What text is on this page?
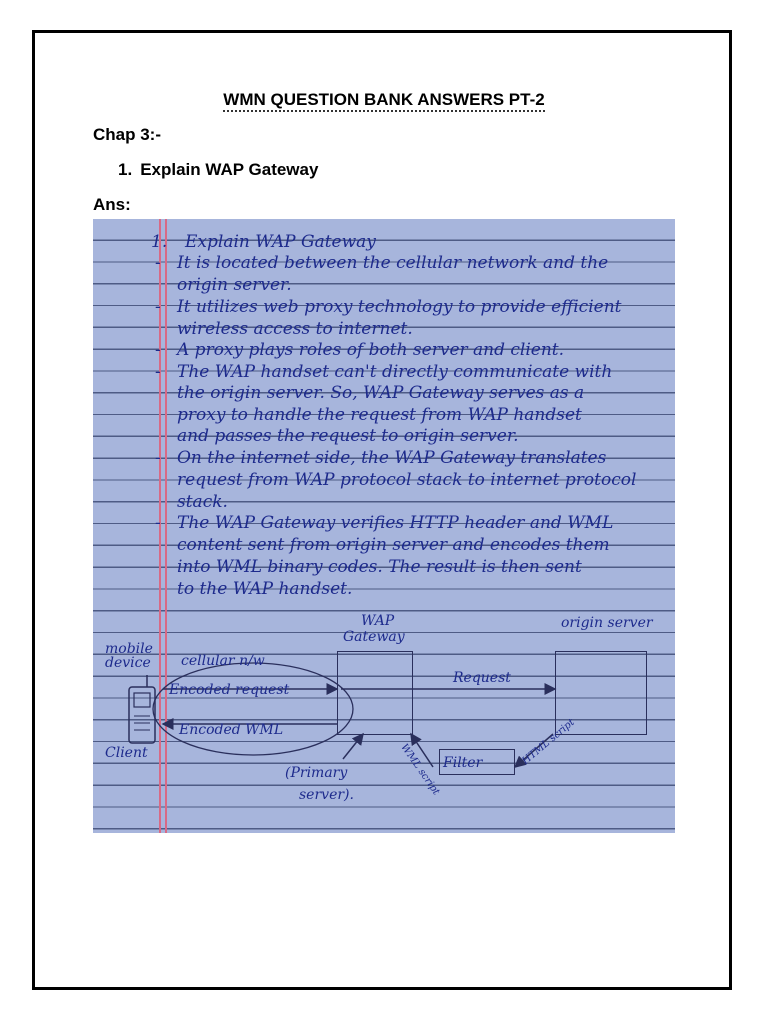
WMN QUESTION BANK ANSWERS PT-2
Chap 3:-
1. Explain WAP Gateway
Ans:
1. Explain WAP Gateway
- It is located between the cellular network and the
origin server.
- It utilizes web proxy technology to provide efficient
wireless access to internet.
- A proxy plays roles of both server and client.
- The WAP handset can't directly communicate with
the origin server. So, WAP Gateway serves as a
proxy to handle the request from WAP handset
and passes the request to origin server.
- On the internet side, the WAP Gateway translates
request from WAP protocol stack to internet protocol
stack.
- The WAP Gateway verifies HTTP header and WML
content sent from origin server and encodes them
into WML binary codes. The result is then sent
to the WAP handset.
WAP
Gateway
origin server
mobile
device
Client
cellular n/w
Encoded request
Encoded WML
Request
Filter
WML script
HTML script
(Primary
server).
